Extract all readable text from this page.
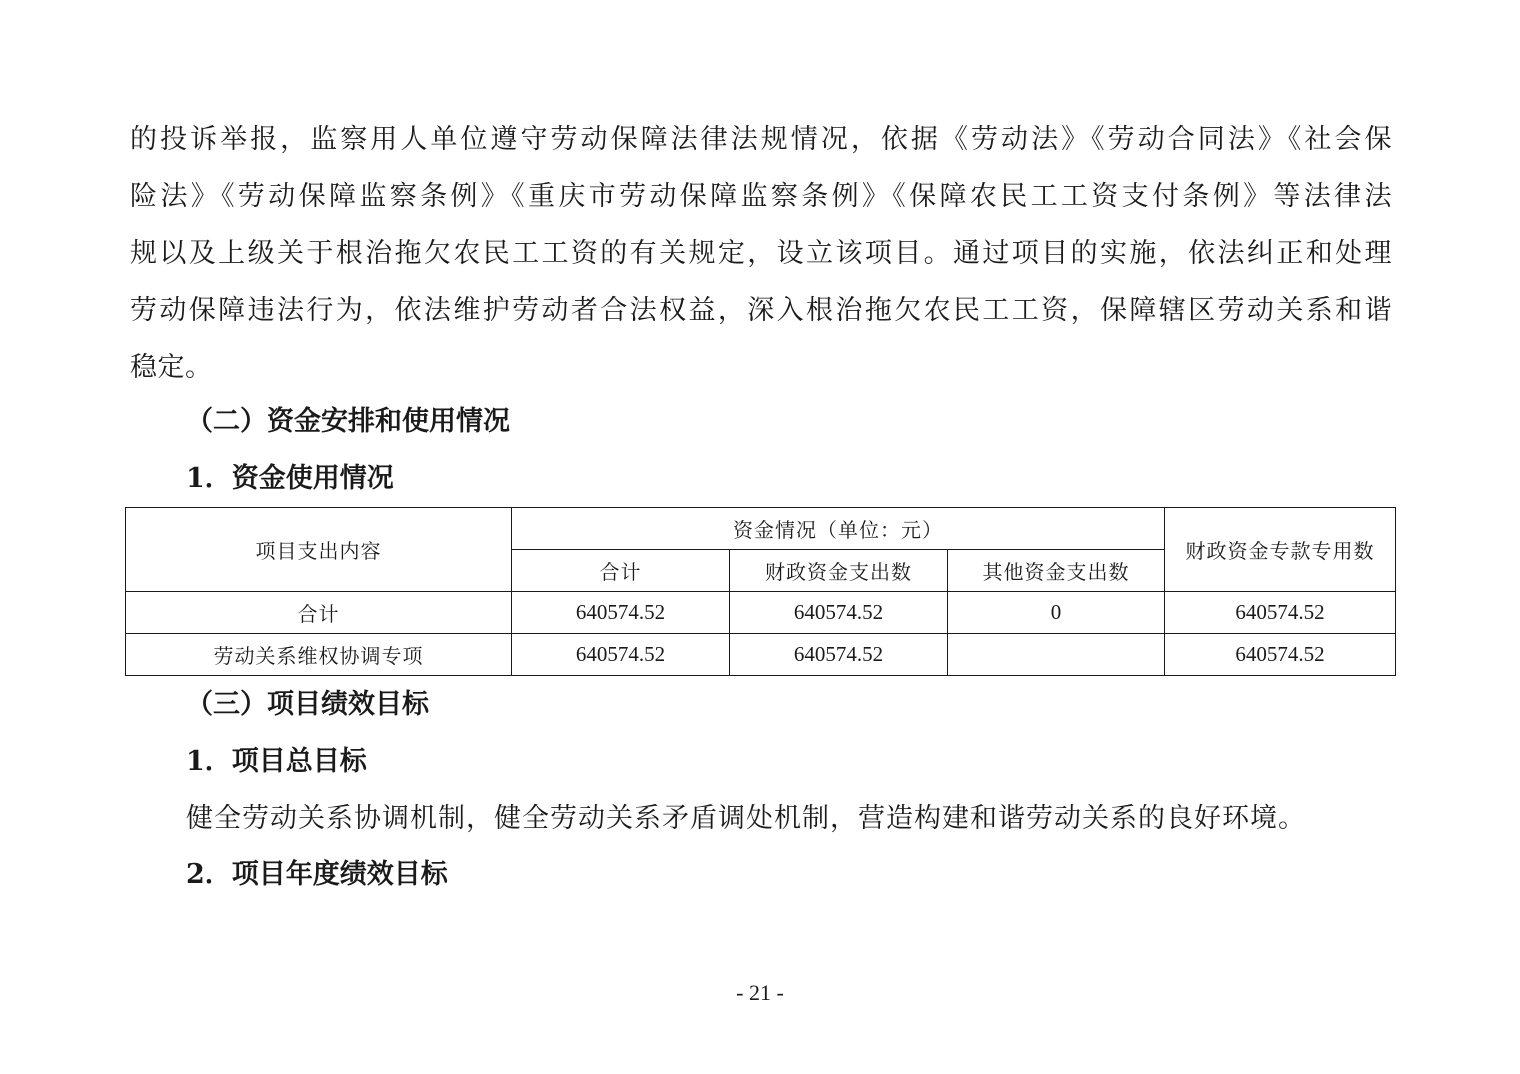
的投诉举报，监察用人单位遵守劳动保障法律法规情况，依据《劳动法》《劳动合同法》《社会保
险法》《劳动保障监察条例》《重庆市劳动保障监察条例》《保障农民工工资支付条例》等法律法
规以及上级关于根治拖欠农民工工资的有关规定，设立该项目。通过项目的实施，依法纠正和处理
劳动保障违法行为，依法维护劳动者合法权益，深入根治拖欠农民工工资，保障辖区劳动关系和谐
稳定。
（二）资金安排和使用情况
1．资金使用情况
项目支出内容	资金情况（单位：元）			财政资金专款专用数
	合计	财政资金支出数	其他资金支出数	
合计	640574.52	640574.52	0	640574.52
劳动关系维权协调专项	640574.52	640574.52		640574.52
（三）项目绩效目标
1．项目总目标
健全劳动关系协调机制，健全劳动关系矛盾调处机制，营造构建和谐劳动关系的良好环境。
2．项目年度绩效目标
- 21 -
